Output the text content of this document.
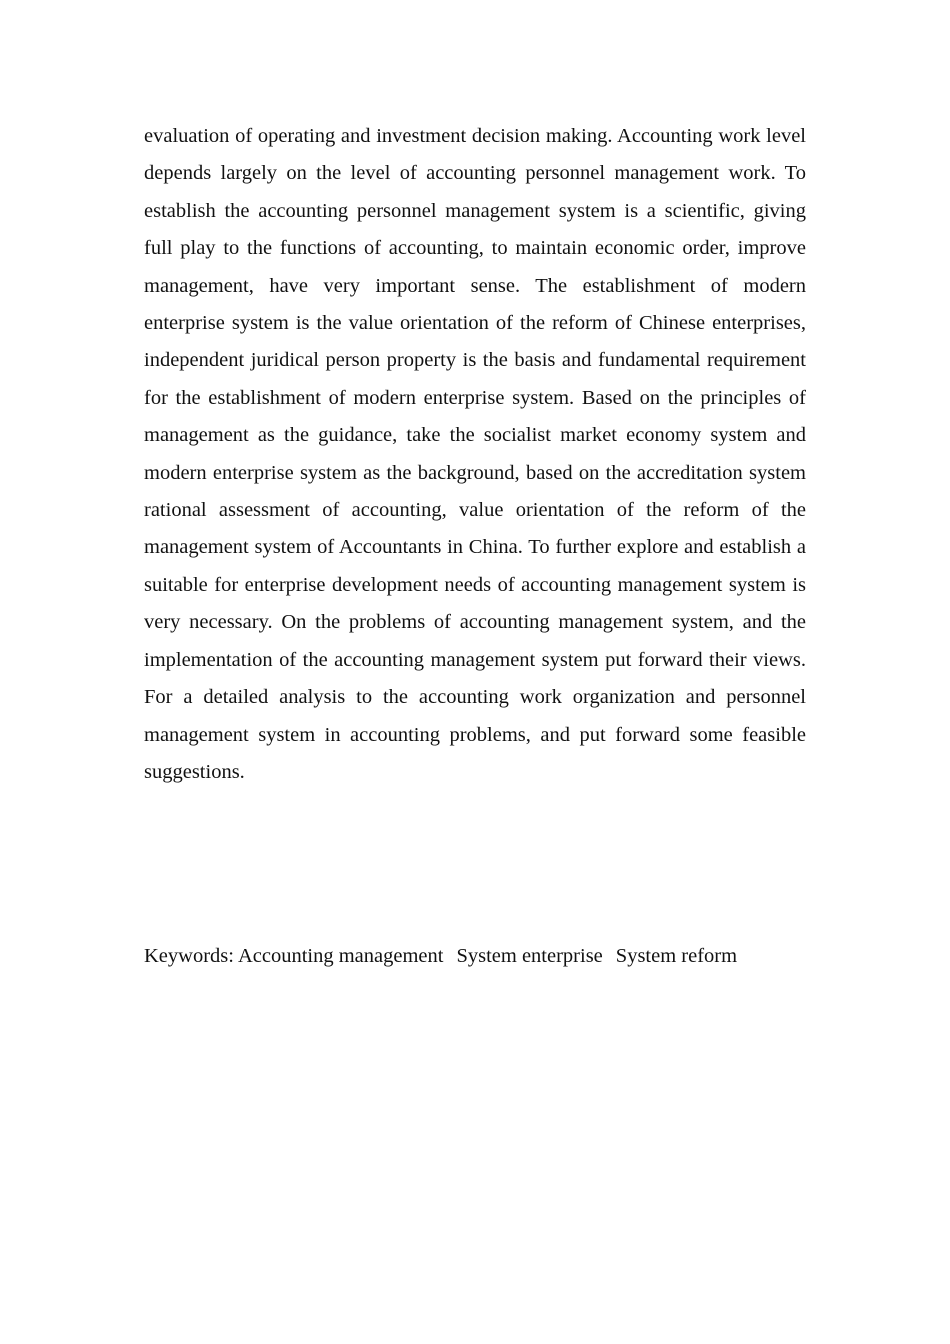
evaluation of operating and investment decision making. Accounting work level depends largely on the level of accounting personnel management work. To establish the accounting personnel management system is a scientific, giving full play to the functions of accounting, to maintain economic order, improve management, have very important sense. The establishment of modern enterprise system is the value orientation of the reform of Chinese enterprises, independent juridical person property is the basis and fundamental requirement for the establishment of modern enterprise system. Based on the principles of management as the guidance, take the socialist market economy system and modern enterprise system as the background, based on the accreditation system rational assessment of accounting, value orientation of the reform of the management system of Accountants in China. To further explore and establish a suitable for enterprise development needs of accounting management system is very necessary. On the problems of accounting management system, and the implementation of the accounting management system put forward their views. For a detailed analysis to the accounting work organization and personnel management system in accounting problems, and put forward some feasible suggestions.

Keywords: Accounting management System enterprise System reform
